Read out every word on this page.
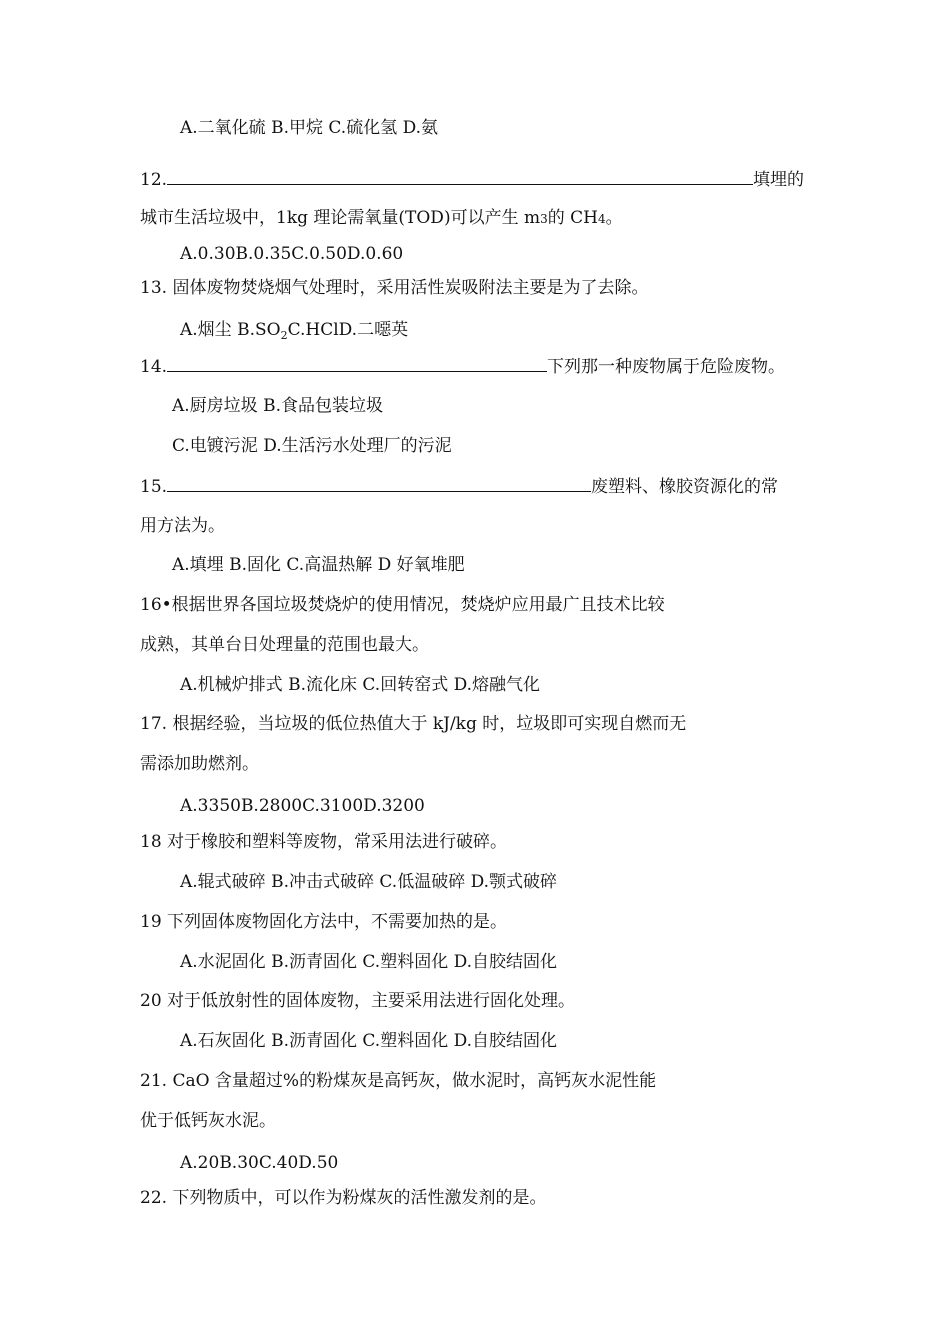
A.二氧化硫 B.甲烷 C.硫化氢 D.氨
12.	填埋的
城市生活垃圾中，1kg 理论需氧量(TOD)可以产生 m3的 CH4。
A.0.30B.0.35C.0.50D.0.60
13. 固体废物焚烧烟气处理时，采用活性炭吸附法主要是为了去除。
A.烟尘 $B.SO_2C.HClD$.二噁英
14.	下列那一种废物属于危险废物。
A.厨房垃圾 B.食品包装垃圾
C.电镀污泥 D.生活污水处理厂的污泥
15.	废塑料、橡胶资源化的常
用方法为。
A.填埋 B.固化 C.高温热解 D 好氧堆肥
16•根据世界各国垃圾焚烧炉的使用情况，焚烧炉应用最广且技术比较
成熟，其单台日处理量的范围也最大。
A.机械炉排式 B.流化床 C.回转窑式 D.熔融气化
17. 根据经验，当垃圾的低位热值大于 kJ/kg 时，垃圾即可实现自燃而无
需添加助燃剂。
A.3350B.2800C.3100D.3200
18 对于橡胶和塑料等废物，常采用法进行破碎。
A.辊式破碎 B.冲击式破碎 C.低温破碎 D.颚式破碎
19 下列固体废物固化方法中，不需要加热的是。
A.水泥固化 B.沥青固化 C.塑料固化 D.自胶结固化
20 对于低放射性的固体废物，主要采用法进行固化处理。
A.石灰固化 B.沥青固化 C.塑料固化 D.自胶结固化
21. CaO 含量超过%的粉煤灰是高钙灰，做水泥时，高钙灰水泥性能
优于低钙灰水泥。
A.20B.30C.40D.50
22. 下列物质中，可以作为粉煤灰的活性激发剂的是。
